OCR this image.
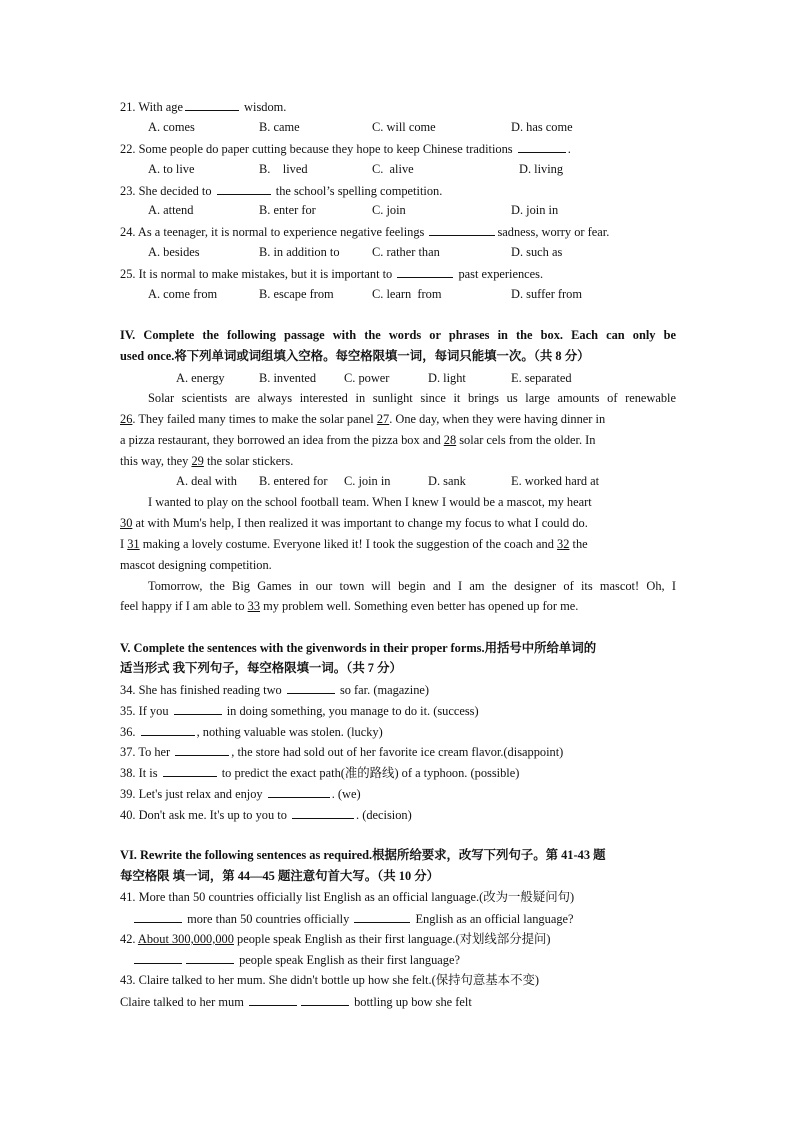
21. With age	wisdom.
A. comes	B. came	C. will come	D. has come
22. Some people do paper cutting because they hope to keep Chinese traditions	.
A. to live	B.    lived	C.  alive	D. living
23. She decided to	the school’s spelling competition.
A. attend	B. enter for	C. join	D. join in
24. As a teenager, it is normal to experience negative feelings	sadness, worry or fear.
A. besides	B. in addition to	C. rather than	D. such as
25. It is normal to make mistakes, but it is important to	past experiences.
A. come from	B. escape from	C. learn  from	D. suffer from
IV. Complete the following passage with the words or phrases in the box. Each can only be
used once.将下列单词或词组填入空格。每空格限填一词，每词只能填一次。（共 8 分）
A. energy	B. invented C. power	D. light	E. separated
Solar scientists are always interested in sunlight since it brings us large amounts of renewable
26. They failed many times to make the solar panel 27. One day, when they were having dinner in
a pizza restaurant, they borrowed an idea from the pizza box and 28 solar cels from the older. In
this way, they 29 the solar stickers.
A. deal with B. entered for C. join in	D. sank	E. worked hard at
I wanted to play on the school football team. When I knew I would be a mascot, my heart
30 at with Mum's help, I then realized it was important to change my focus to what I could do.
I 31 making a lovely costume. Everyone liked it! I took the suggestion of the coach and 32 the
mascot designing competition.
Tomorrow, the Big Games in our town will begin and I am the designer of its mascot! Oh, I
feel happy if I am able to 33 my problem well. Something even better has opened up for me.
V. Complete the sentences with the givenwords in their proper forms.用括号中所给单词的
适当形式 我下列句子，每空格限填一词。（共 7 分）
34. She has finished reading two	so far. (magazine)
35. If you	in doing something, you manage to do it. (success)
36.	, nothing valuable was stolen. (lucky)
37. To her	, the store had sold out of her favorite ice cream flavor.(disappoint)
38. It is	to predict the exact path(准的路线) of a typhoon. (possible)
39. Let's just relax and enjoy	. (we)
40. Don't ask me. It's up to you to	. (decision)
VI. Rewrite the following sentences as required.根据所给要求，改写下列句子。第 41-43 题
每空格限 填一词，第 44—45 题注意句首大写。（共 10 分）
41. More than 50 countries officially list English as an official language.(改为一般疑问句)
more than 50 countries officially	English as an official language?
42. About 300,000,000 people speak English as their first language.(对划线部分提问)
people speak English as their first language?
43. Claire talked to her mum. She didn't bottle up how she felt.(保持句意基本不变)
Claire talked to her mum	bottling up bow she felt
